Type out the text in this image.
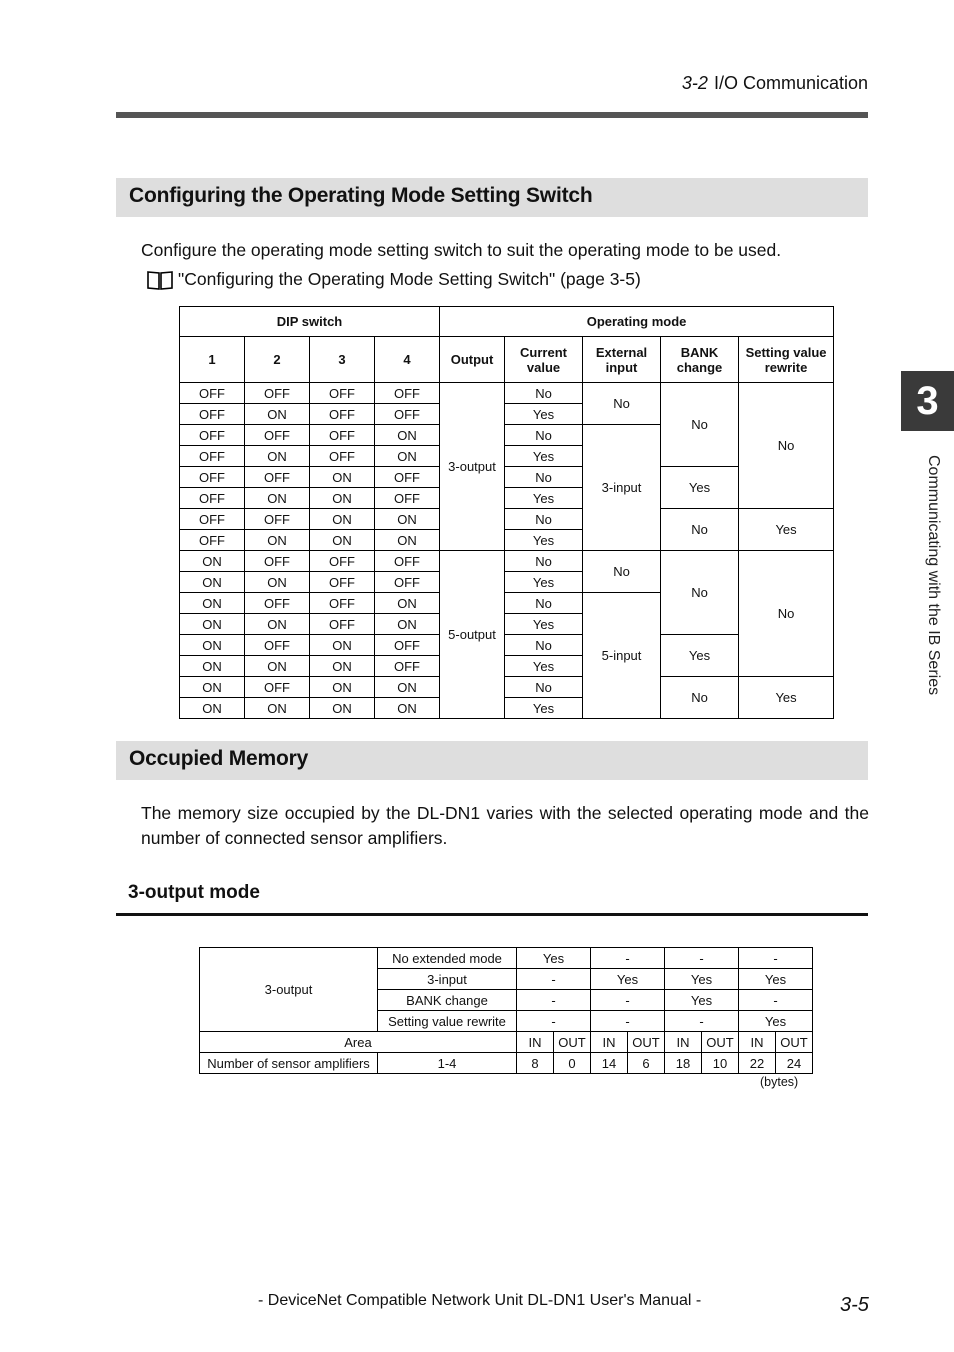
3-2 I/O Communication
3
Communicating with the IB Series
Configuring the Operating Mode Setting Switch
Configure the operating mode setting switch to suit the operating mode to be used.
"Configuring the Operating Mode Setting Switch" (page 3-5)
DIP switch				Operating mode				
1	2	3	4	Output	Current value	External input	BANK change	Setting value rewrite
OFF	OFF	OFF	OFF	3-output	No	No	No	No
OFF	ON	OFF	OFF		Yes			
OFF	OFF	OFF	ON		No	3-input		
OFF	ON	OFF	ON		Yes			
OFF	OFF	ON	OFF		No		Yes	
OFF	ON	ON	OFF		Yes			
OFF	OFF	ON	ON		No		No	Yes
OFF	ON	ON	ON		Yes			
ON	OFF	OFF	OFF	5-output	No	No	No	No
ON	ON	OFF	OFF		Yes			
ON	OFF	OFF	ON		No	5-input		
ON	ON	OFF	ON		Yes			
ON	OFF	ON	OFF		No		Yes	
ON	ON	ON	OFF		Yes			
ON	OFF	ON	ON		No		No	Yes
ON	ON	ON	ON		Yes			
Occupied Memory
The memory size occupied by the DL-DN1 varies with the selected operating mode and the number of connected sensor amplifiers.
3-output mode
3-output	No extended mode	Yes		-		-		-	
	3-input	-		Yes		Yes		Yes	
	BANK change	-		-		Yes		-	
	Setting value rewrite	-		-		-		Yes	
Area		IN	OUT	IN	OUT	IN	OUT	IN	OUT
Number of sensor amplifiers	1-4	8	0	14	6	18	10	22	24
(bytes)
- DeviceNet Compatible Network Unit DL-DN1 User's Manual -	3-5
